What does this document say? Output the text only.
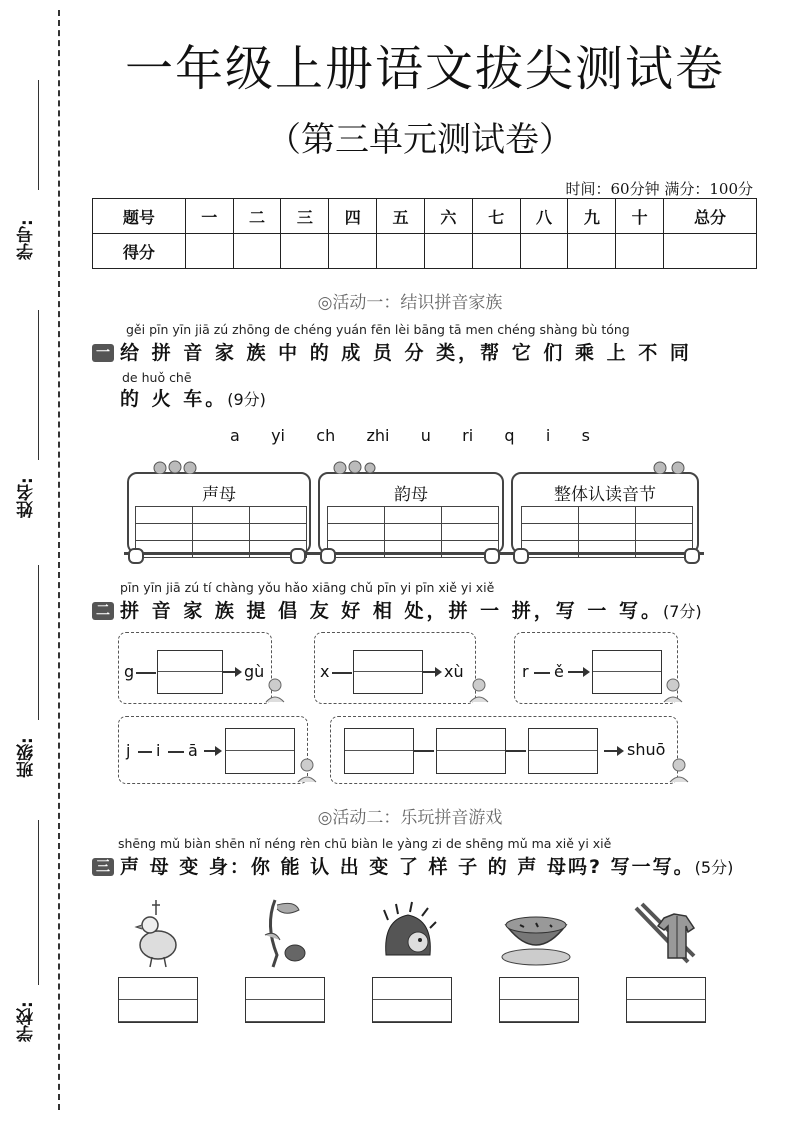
学号:
姓名:
班级:
学校:
一年级上册语文拔尖测试卷
（第三单元测试卷）
时间：60分钟 满分：100分
题号	一	二	三	四	五	六	七	八	九	十	总分
得分											
◎活动一：结识拼音家族
gěi pīn yīn jiā zú zhōng de chéng yuán fēn lèi bāng tā men chéng shàng bù tóng
一 给 拼 音 家 族 中 的 成 员 分 类，帮 它 们 乘 上 不 同
de huǒ chē
的 火 车。(9分)
a yi ch zhi u ri q i s
声母

			韵母

			整体认读音节

pīn yīn jiā zú tí chàng yǒu hǎo xiāng chǔ pīn yi pīn xiě yi xiě
二 拼 音 家 族 提 倡 友 好 相 处，拼 一 拼，写 一 写。(7分)
g	gù	x	xù	r ě
j i ā	shuō
◎活动二：乐玩拼音游戏
shēng mǔ biàn shēn nǐ néng rèn chū biàn le yàng zi de shēng mǔ ma xiě yi xiě
三 声 母 变 身：你 能 认 出 变 了 样 子 的 声 母吗? 写一写。(5分)
